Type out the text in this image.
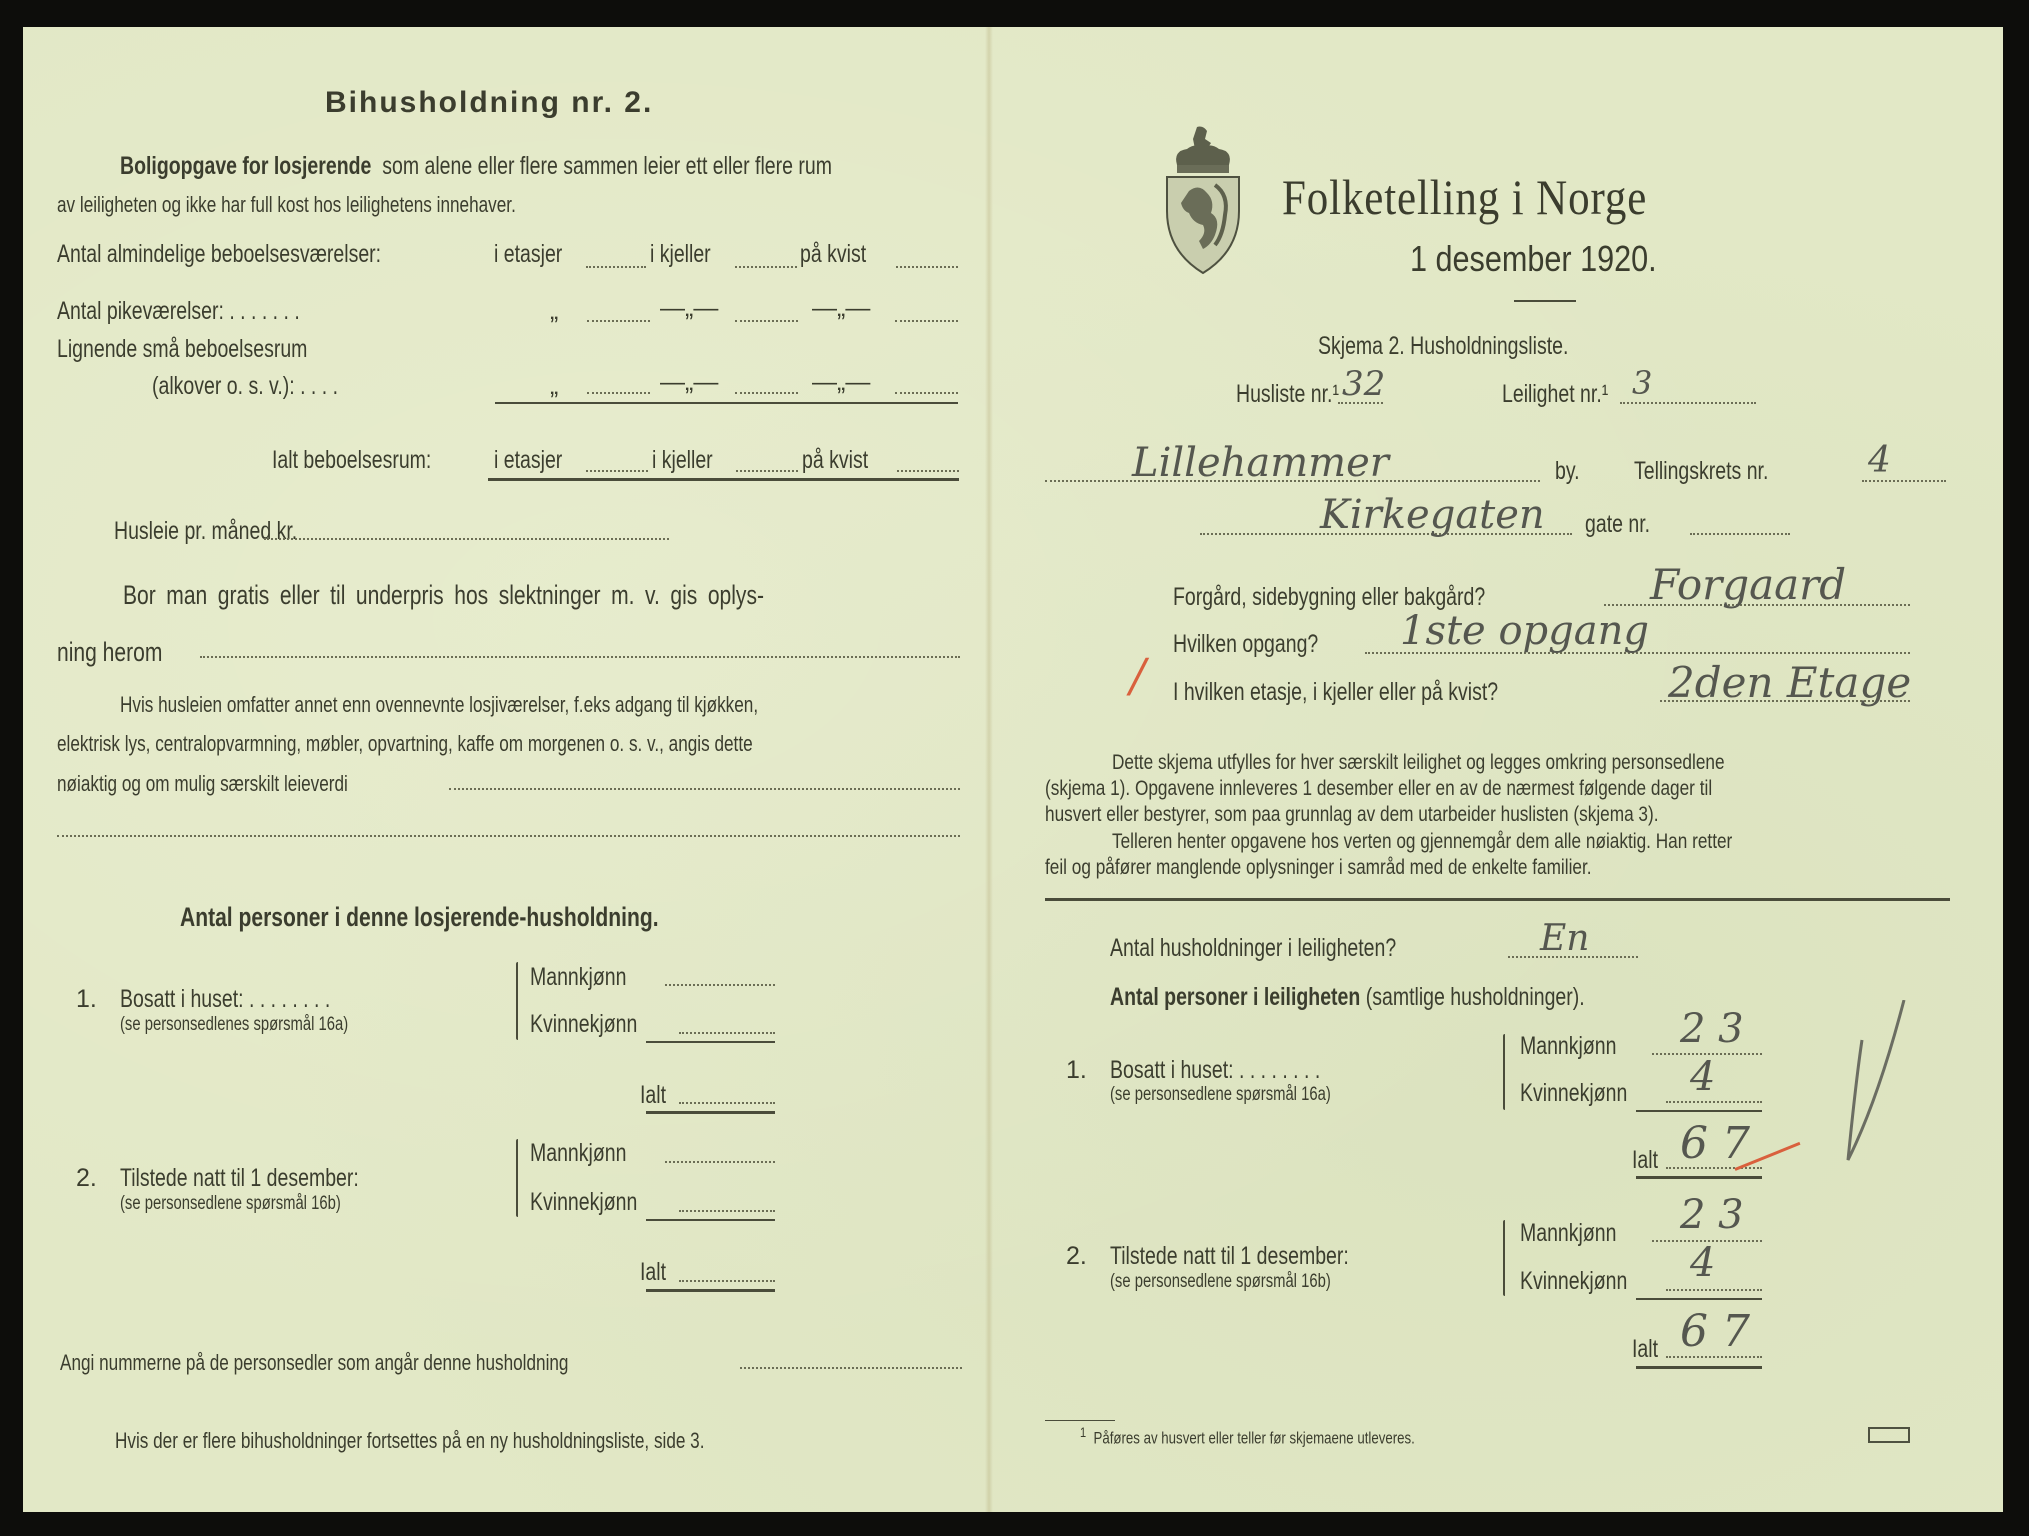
Bihusholdning nr. 2.
Boligopgave for losjerende som alene eller flere sammen leier ett eller flere rum
av leiligheten og ikke har full kost hos leilighetens innehaver.
Antal almindelige beboelsesværelser:	i etasjer	i kjeller	på kvist
Antal pikeværelser: . . . . . . .	„	—„—	—„—
Lignende små beboelsesrum
(alkover o. s. v.): . . . .	„	—„—	—„—
Ialt beboelsesrum:	i etasjer	i kjeller	på kvist
Husleie pr. måned kr.
Bor man gratis eller til underpris hos slektninger m. v. gis oplys-
ning herom
Hvis husleien omfatter annet enn ovennevnte losjiværelser, f.eks adgang til kjøkken,
elektrisk lys, centralopvarmning, møbler, opvartning, kaffe om morgenen o. s. v., angis dette
nøiaktig og om mulig særskilt leieverdi
Antal personer i denne losjerende-husholdning.
1. Bosatt i huset: . . . . . . . .
(se personsedlenes spørsmål 16a)
Mannkjønn
Kvinnekjønn
Ialt
2. Tilstede natt til 1 desember:
(se personsedlene spørsmål 16b)
Mannkjønn
Kvinnekjønn
Ialt
Angi nummerne på de personsedler som angår denne husholdning
Hvis der er flere bihusholdninger fortsettes på en ny husholdningsliste, side 3.
Folketelling i Norge
1 desember 1920.
Skjema 2. Husholdningsliste.
Husliste nr.¹ 32	Leilighet nr.¹ 3
Lillehammer	by. Tellingskrets nr.	4
Kirkegaten gate nr.
Forgård, sidebygning eller bakgård?	Forgaard
Hvilken opgang?	1ste opgang
/ I hvilken etasje, i kjeller eller på kvist?	2den Etage
Dette skjema utfylles for hver særskilt leilighet og legges omkring personsedlene
(skjema 1). Opgavene innleveres 1 desember eller en av de nærmest følgende dager til
husvert eller bestyrer, som paa grunnlag av dem utarbeider huslisten (skjema 3).
Telleren henter opgavene hos verten og gjennemgår dem alle nøiaktig. Han retter
feil og påfører manglende oplysninger i samråd med de enkelte familier.
Antal husholdninger i leiligheten?	En
Antal personer i leiligheten (samtlige husholdninger).
1. Bosatt i huset: . . . . . . . .
(se personsedlene spørsmål 16a)
Mannkjønn	2 3
Kvinnekjønn	4
Ialt 6 7
2. Tilstede natt til 1 desember:
(se personsedlene spørsmål 16b)
Mannkjønn	2 3
Kvinnekjønn	4
Ialt 6 7
$^1$ Påføres av husvert eller teller før skjemaene utleveres.
